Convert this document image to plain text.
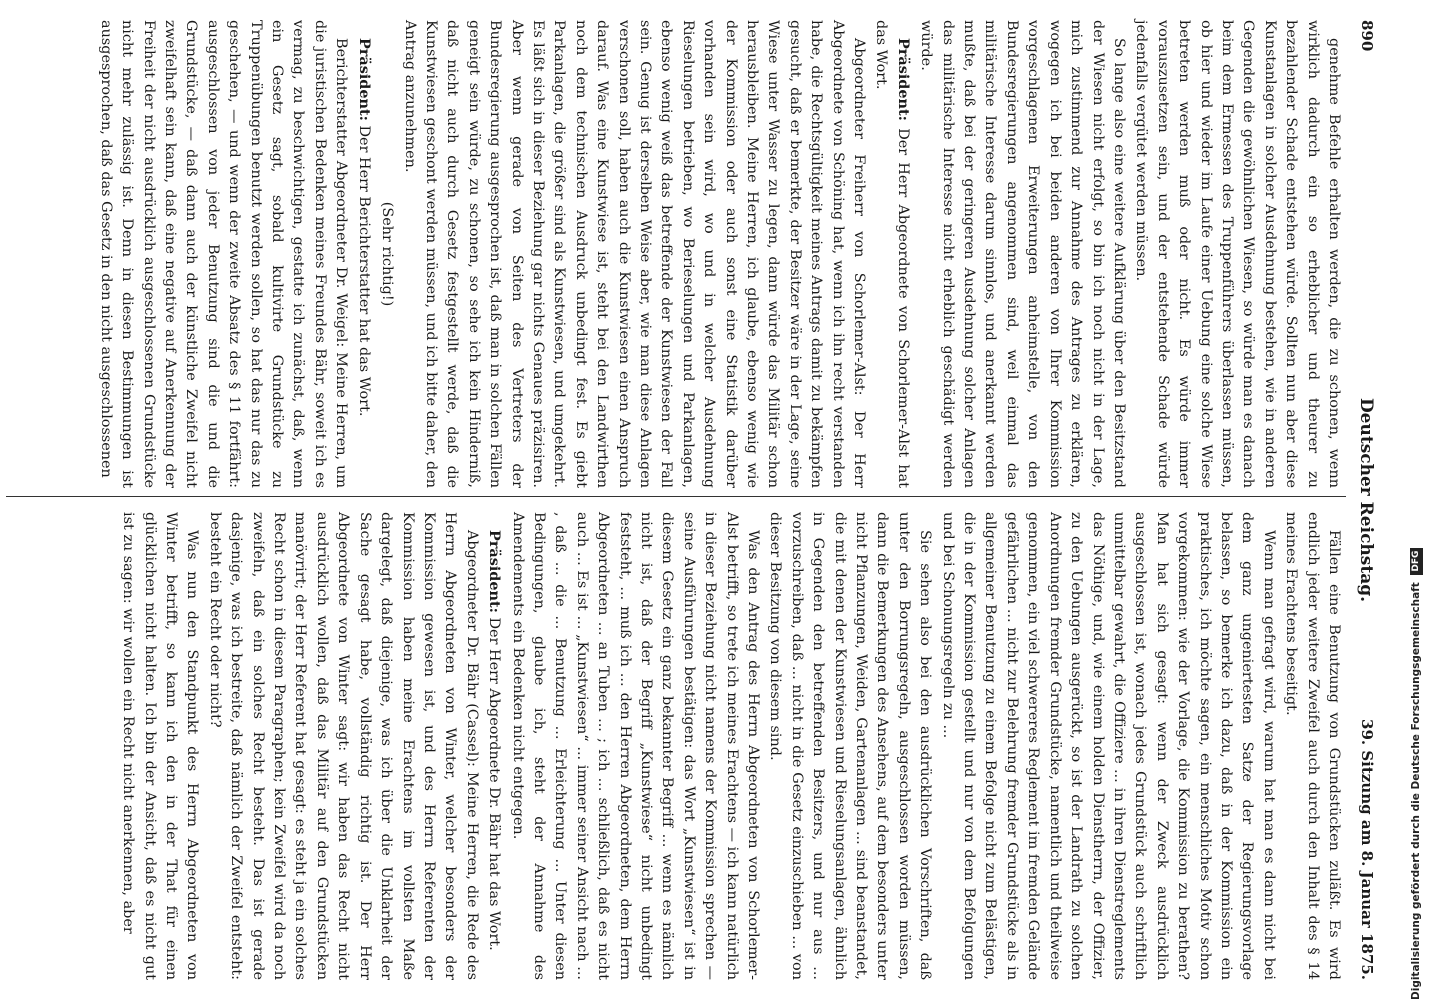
890
Deutscher Reichstag.
39. Sitzung am 8. Januar 1875.

genehme Befehle erhalten werden, die zu schonen, wenn wirklich dadurch ein so erheblicher und theurer zu bezahlender Schade entstehen würde. Sollten nun aber diese Kunstanlagen in solcher Ausdehnung bestehen, wie in anderen Gegenden die gewöhnlichen Wiesen, so würde man es danach beim dem Ermessen des Truppenführers überlassen müssen, ob hier und wieder im Laufe einer Uebung eine solche Wiese betreten werden muß oder nicht. Es würde immer vorauszusetzen sein, und der entstehende Schade würde jedenfalls vergütet werden müssen.

So lange also eine weitere Aufklärung über den Besitzstand der Wiesen nicht erfolgt, so bin ich noch nicht in der Lage, mich zustimmend zur Annahme des Antrages zu erklären, wogegen ich bei beiden anderen von Ihrer Kommission vorgeschlagenen Erweiterungen anheimstelle, von den Bundesregierungen angenommen sind, weil einmal das militärische Interesse darum sinnlos, und anerkannt werden mußte, daß bei der geringeren Ausdehnung solcher Anlagen das militärische Interesse nicht erheblich geschädigt werden würde.

Präsident: Der Herr Abgeordnete von Schorlemer-Alst hat das Wort.

Abgeordneter Freiherr von Schorlemer-Alst: Der Herr Abgeordnete von Schöning hat, wenn ich ihn recht verstanden habe, die Rechtsgültigkeit meines Antrags damit zu bekämpfen gesucht, daß er bemerkte, der Besitzer wäre in der Lage, seine Wiese unter Wasser zu legen, dann würde das Militär schon herausbleiben. Meine Herren, ich glaube, ebenso wenig wie der Kommission oder auch sonst eine Statistik darüber vorhanden sein wird, wo und in welcher Ausdehnung Rieselungen betrieben, wo Berieselungen und Parkanlagen, ebenso wenig weiß das betreffende der Kunstwiesen der Fall sein. Genug ist derselben Weise aber, wie man diese Anlagen verschonen soll, haben auch die Kunstwiesen einen Anspruch darauf. Was eine Kunstwiese ist, steht bei den Landwirthen noch dem technischen Ausdruck unbedingt fest. Es giebt Parkanlagen, die größer sind als Kunstwiesen, und umgekehrt. Es läßt sich in dieser Beziehung gar nichts Genaues präzisiren. Aber wenn gerade von Seiten des Vertreters der Bundesregierung ausgesprochen ist, daß man in solchen Fällen geneigt sein würde, zu schonen, so sehe ich kein Hinderniß, daß nicht auch durch Gesetz festgestellt werde, daß die Kunstwiesen geschont werden müssen, und ich bitte daher, den Antrag anzunehmen.

(Sehr richtig!)

Präsident: Der Herr Berichterstatter hat das Wort.

Berichterstatter Abgeordneter Dr. Weigel: Meine Herren, um die juristischen Bedenken meines Freundes Bähr, soweit ich es vermag, zu beschwichtigen, gestatte ich zunächst, daß, wenn ein Gesetz sagt, sobald kultivirte Grundstücke zu Truppenübungen benutzt werden sollen, so hat das nur das zu geschehen, — und wenn der zweite Absatz des § 11 fortfährt: ausgeschlossen von jeder Benutzung sind die und die Grundstücke, — daß dann auch der künstliche Zweifel nicht zweifelhaft sein kann, daß eine negative auf Anerkennung der Freiheit der nicht ausdrücklich ausgeschlossenen Grundstücke nicht mehr zulässig ist. Denn in diesen Bestimmungen ist ausgesprochen, daß das Gesetz in den nicht ausgeschlossenen

Fällen eine Benutzung von Grundstücken zuläßt. Es wird endlich jeder weitere Zweifel auch durch den Inhalt des § 14 meines Erachtens beseitigt.

Wenn man gefragt wird, warum hat man es dann nicht bei dem ganz ungeniertesten Satze der Regierungsvorlage belassen, so bemerke ich dazu, daß in der Kommission ein praktisches, ich möchte sagen, ein menschliches Motiv schon vorgekommen: wie der Vorlage, die Kommission zu berathen? Man hat sich gesagt: wenn der Zweck ausdrücklich ausgeschlossen ist, wonach jedes Grundstück auch schriftlich unmittelbar gewahrt, die Offiziere ... in ihren Dienstreglements das Nöthige, und, wie einem holden Dienstherrn, der Offizier, zu den Uebungen ausgerückt, so ist der Landrath zu solchen Anordnungen fremder Grundstücke, namentlich und theilweise genommen, ein viel schwereres Reglement im fremden Gelände gefährlichen ... nicht zur Belehrung fremder Grundstücke als in allgemeiner Benutzung zu einem Befolge nicht zum Belästigen, die in der Kommission gestellt und nur von dem Befolgungen und bei Schonungsregeln zu ...

Sie sehen also bei den ausdrücklichen Vorschriften, daß unter den Borrungsregeln, ausgeschlossen worden müssen, dann die Bemerkungen des Ansehens, auf dem besonders unter nicht Pflanzungen, Weiden, Gartenanlagen ... sind beanstandet, die mit denen der Kunstwiesen und Rieselungsanlagen, ähnlich in Gegenden den betreffenden Besitzers, und nur aus ... vorzuschreiben, daß ... nicht in die Gesetz einzuschieben ... von dieser Besitzung von diesem sind.

Was den Antrag des Herrn Abgeordneten von Schorlemer-Alst betrifft, so trete ich meines Erachtens — ich kann natürlich in dieser Beziehung nicht namens der Kommission sprechen — seine Ausführungen bestätigen: das Wort „Kunstwiesen“ ist in diesem Gesetz ein ganz bekannter Begriff ... wenn es nämlich nicht ist, daß der Begriff „Kunstwiese“ nicht unbedingt feststeht, ... muß ich ... den Herren Abgeordneten, dem Herrn Abgeordneten ... an Tuben ... ; ich ... schließlich, daß es nicht auch ... Es ist ... „Kunstwiesen“ ... immer seiner Ansicht nach ... , daß ... die ... Benutzung ... Erleichterung ... Unter diesen Bedingungen, glaube ich, steht der Annahme des Amendements ein Bedenken nicht entgegen.

Präsident: Der Herr Abgeordnete Dr. Bähr hat das Wort.

Abgeordneter Dr. Bähr (Cassel): Meine Herren, die Rede des Herrn Abgeordneten von Winter, welcher besonders der Kommission gewesen ist, und des Herrn Referenten der Kommission haben meine Erachtens im vollsten Maße dargelegt, daß diejenige, was ich über die Unklarheit der Sache gesagt habe, vollständig richtig ist. Der Herr Abgeordnete von Winter sagt: wir haben das Recht nicht ausdrücklich wollen, daß das Militär auf den Grundstücken manövrirt; der Herr Referent hat gesagt: es steht ja ein solches Recht schon in diesem Paragraphen; kein Zweifel wird da noch zweifeln, daß ein solches Recht besteht. Das ist gerade dasjenige, was ich bestreite, daß nämlich der Zweifel entsteht: besteht ein Recht oder nicht?

Was nun den Standpunkt des Herrn Abgeordneten von Winter betrifft, so kann ich den in der That für einen glücklichen nicht halten. Ich bin der Ansicht, daß es nicht gut ist zu sagen: wir wollen ein Recht nicht anerkennen, aber	Digitalisierung gefördert durch die Deutsche Forschungsgemeinschaft DFG
